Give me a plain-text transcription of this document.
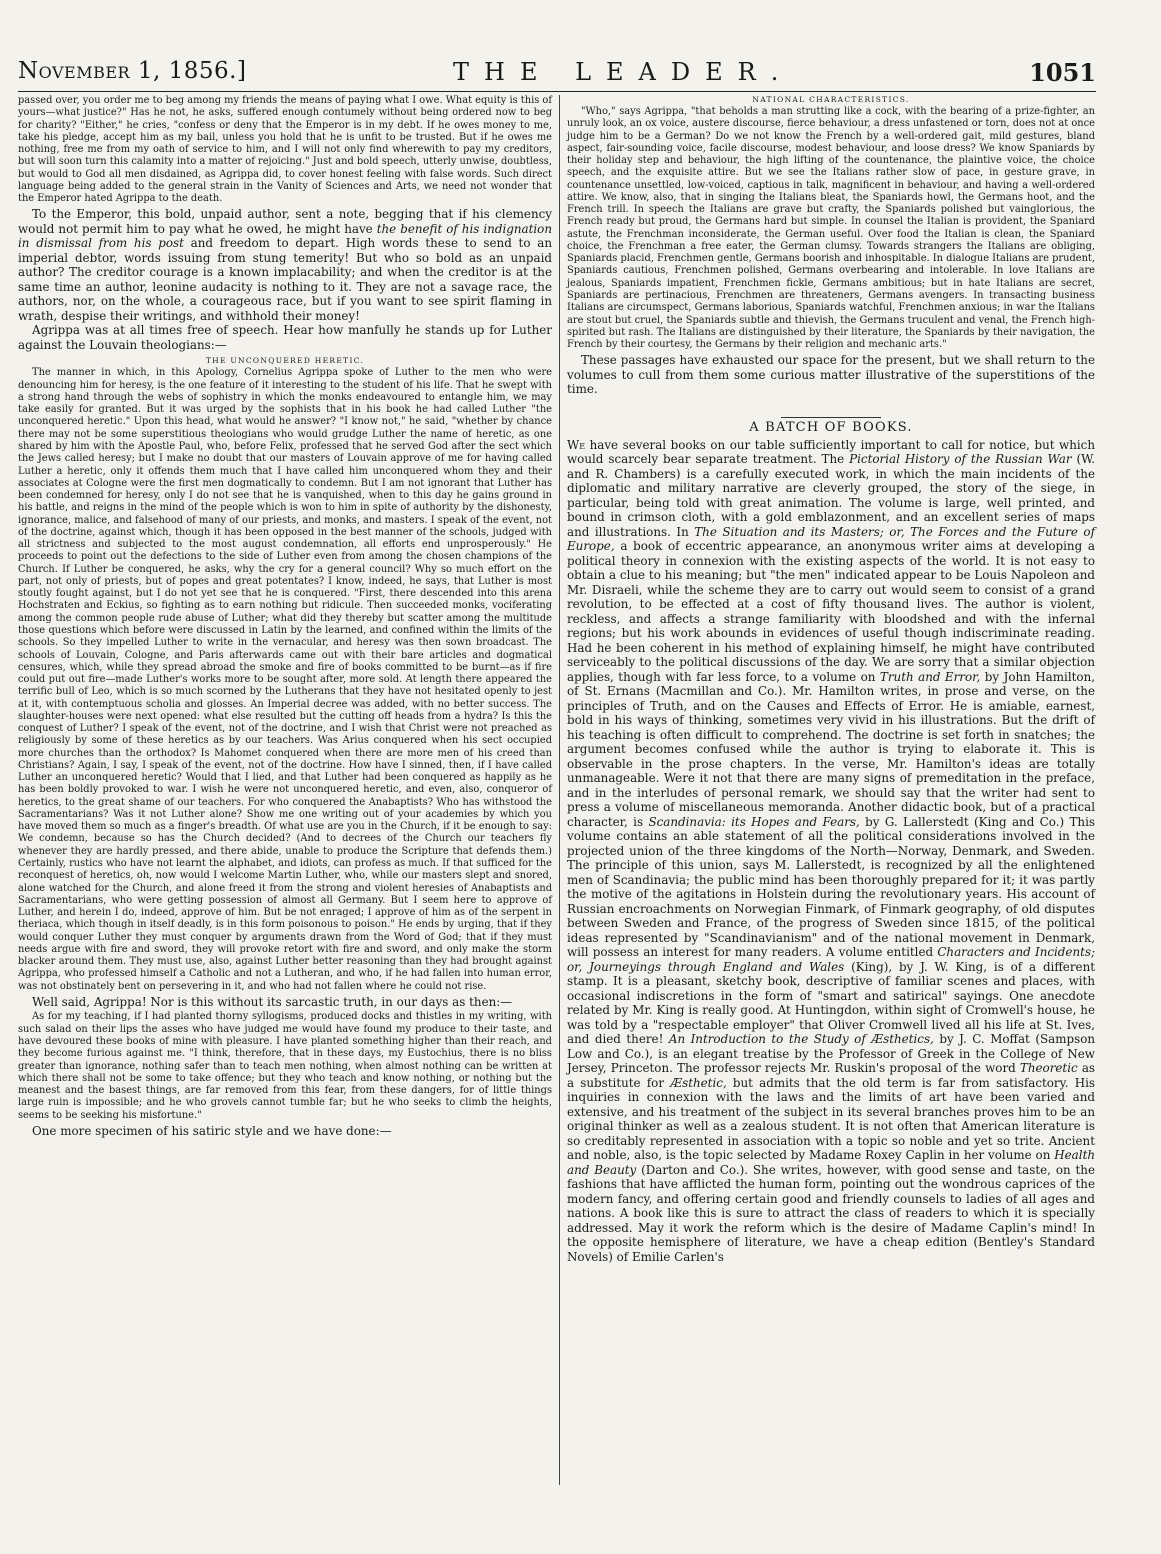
November 1, 1856.]	THE LEADER.	1051

passed over, you order me to beg among my friends the means of paying what I owe. What equity is this of yours—what justice?" Has he not, he asks, suffered enough contumely without being ordered now to beg for charity? "Either," he cries, "confess or deny that the Emperor is in my debt. If he owes money to me, take his pledge, accept him as my bail, unless you hold that he is unfit to be trusted. But if he owes me nothing, free me from my oath of service to him, and I will not only find wherewith to pay my creditors, but will soon turn this calamity into a matter of rejoicing." Just and bold speech, utterly unwise, doubtless, but would to God all men disdained, as Agrippa did, to cover honest feeling with false words. Such direct language being added to the general strain in the Vanity of Sciences and Arts, we need not wonder that the Emperor hated Agrippa to the death.

To the Emperor, this bold, unpaid author, sent a note, begging that if his clemency would not permit him to pay what he owed, he might have the benefit of his indignation in dismissal from his post and freedom to depart. High words these to send to an imperial debtor, words issuing from stung temerity! But who so bold as an unpaid author? The creditor courage is a known implacability; and when the creditor is at the same time an author, leonine audacity is nothing to it. They are not a savage race, the authors, nor, on the whole, a courageous race, but if you want to see spirit flaming in wrath, despise their writings, and withhold their money!

Agrippa was at all times free of speech. Hear how manfully he stands up for Luther against the Louvain theologians:—

THE UNCONQUERED HERETIC.

The manner in which, in this Apology, Cornelius Agrippa spoke of Luther to the men who were denouncing him for heresy, is the one feature of it interesting to the student of his life. That he swept with a strong hand through the webs of sophistry in which the monks endeavoured to entangle him, we may take easily for granted. But it was urged by the sophists that in his book he had called Luther "the unconquered heretic." Upon this head, what would he answer? "I know not," he said, "whether by chance there may not be some superstitious theologians who would grudge Luther the name of heretic, as one shared by him with the Apostle Paul, who, before Felix, professed that he served God after the sect which the Jews called heresy; but I make no doubt that our masters of Louvain approve of me for having called Luther a heretic, only it offends them much that I have called him unconquered whom they and their associates at Cologne were the first men dogmatically to condemn. But I am not ignorant that Luther has been condemned for heresy, only I do not see that he is vanquished, when to this day he gains ground in his battle, and reigns in the mind of the people which is won to him in spite of authority by the dishonesty, ignorance, malice, and falsehood of many of our priests, and monks, and masters. I speak of the event, not of the doctrine, against which, though it has been opposed in the best manner of the schools, judged with all strictness and subjected to the most august condemnation, all efforts end unprosperously." He proceeds to point out the defections to the side of Luther even from among the chosen champions of the Church. If Luther be conquered, he asks, why the cry for a general council? Why so much effort on the part, not only of priests, but of popes and great potentates? I know, indeed, he says, that Luther is most stoutly fought against, but I do not yet see that he is conquered. "First, there descended into this arena Hochstraten and Eckius, so fighting as to earn nothing but ridicule. Then succeeded monks, vociferating among the common people rude abuse of Luther; what did they thereby but scatter among the multitude those questions which before were discussed in Latin by the learned, and confined within the limits of the schools. So they impelled Luther to write in the vernacular, and heresy was then sown broadcast. The schools of Louvain, Cologne, and Paris afterwards came out with their bare articles and dogmatical censures, which, while they spread abroad the smoke and fire of books committed to be burnt—as if fire could put out fire—made Luther's works more to be sought after, more sold. At length there appeared the terrific bull of Leo, which is so much scorned by the Lutherans that they have not hesitated openly to jest at it, with contemptuous scholia and glosses. An Imperial decree was added, with no better success. The slaughter-houses were next opened: what else resulted but the cutting off heads from a hydra? Is this the conquest of Luther? I speak of the event, not of the doctrine, and I wish that Christ were not preached as religiously by some of these heretics as by our teachers. Was Arius conquered when his sect occupied more churches than the orthodox? Is Mahomet conquered when there are more men of his creed than Christians? Again, I say, I speak of the event, not of the doctrine. How have I sinned, then, if I have called Luther an unconquered heretic? Would that I lied, and that Luther had been conquered as happily as he has been boldly provoked to war. I wish he were not unconquered heretic, and even, also, conqueror of heretics, to the great shame of our teachers. For who conquered the Anabaptists? Who has withstood the Sacramentarians? Was it not Luther alone? Show me one writing out of your academies by which you have moved them so much as a finger's breadth. Of what use are you in the Church, if it be enough to say: We condemn, because so has the Church decided? (And to decrees of the Church our teachers fly whenever they are hardly pressed, and there abide, unable to produce the Scripture that defends them.) Certainly, rustics who have not learnt the alphabet, and idiots, can profess as much. If that sufficed for the reconquest of heretics, oh, now would I welcome Martin Luther, who, while our masters slept and snored, alone watched for the Church, and alone freed it from the strong and violent heresies of Anabaptists and Sacramentarians, who were getting possession of almost all Germany. But I seem here to approve of Luther, and herein I do, indeed, approve of him. But be not enraged; I approve of him as of the serpent in theriaca, which though in itself deadly, is in this form poisonous to poison." He ends by urging, that if they would conquer Luther they must conquer by arguments drawn from the Word of God; that if they must needs argue with fire and sword, they will provoke retort with fire and sword, and only make the storm blacker around them. They must use, also, against Luther better reasoning than they had brought against Agrippa, who professed himself a Catholic and not a Lutheran, and who, if he had fallen into human error, was not obstinately bent on persevering in it, and who had not fallen where he could not rise.

Well said, Agrippa! Nor is this without its sarcastic truth, in our days as then:—

As for my teaching, if I had planted thorny syllogisms, produced docks and thistles in my writing, with such salad on their lips the asses who have judged me would have found my produce to their taste, and have devoured these books of mine with pleasure. I have planted something higher than their reach, and they become furious against me. "I think, therefore, that in these days, my Eustochius, there is no bliss greater than ignorance, nothing safer than to teach men nothing, when almost nothing can be written at which there shall not be some to take offence; but they who teach and know nothing, or nothing but the meanest and the basest things, are far removed from this fear, from these dangers, for of little things large ruin is impossible; and he who grovels cannot tumble far; but he who seeks to climb the heights, seems to be seeking his misfortune."

One more specimen of his satiric style and we have done:—

NATIONAL CHARACTERISTICS.

"Who," says Agrippa, "that beholds a man strutting like a cock, with the bearing of a prize-fighter, an unruly look, an ox voice, austere discourse, fierce behaviour, a dress unfastened or torn, does not at once judge him to be a German? Do we not know the French by a well-ordered gait, mild gestures, bland aspect, fair-sounding voice, facile discourse, modest behaviour, and loose dress? We know Spaniards by their holiday step and behaviour, the high lifting of the countenance, the plaintive voice, the choice speech, and the exquisite attire. But we see the Italians rather slow of pace, in gesture grave, in countenance unsettled, low-voiced, captious in talk, magnificent in behaviour, and having a well-ordered attire. We know, also, that in singing the Italians bleat, the Spaniards howl, the Germans hoot, and the French trill. In speech the Italians are grave but crafty, the Spaniards polished but vainglorious, the French ready but proud, the Germans hard but simple. In counsel the Italian is provident, the Spaniard astute, the Frenchman inconsiderate, the German useful. Over food the Italian is clean, the Spaniard choice, the Frenchman a free eater, the German clumsy. Towards strangers the Italians are obliging, Spaniards placid, Frenchmen gentle, Germans boorish and inhospitable. In dialogue Italians are prudent, Spaniards cautious, Frenchmen polished, Germans overbearing and intolerable. In love Italians are jealous, Spaniards impatient, Frenchmen fickle, Germans ambitious; but in hate Italians are secret, Spaniards are pertinacious, Frenchmen are threateners, Germans avengers. In transacting business Italians are circumspect, Germans laborious, Spaniards watchful, Frenchmen anxious; in war the Italians are stout but cruel, the Spaniards subtle and thievish, the Germans truculent and venal, the French high-spirited but rash. The Italians are distinguished by their literature, the Spaniards by their navigation, the French by their courtesy, the Germans by their religion and mechanic arts."

These passages have exhausted our space for the present, but we shall return to the volumes to cull from them some curious matter illustrative of the superstitions of the time.

A BATCH OF BOOKS.

We have several books on our table sufficiently important to call for notice, but which would scarcely bear separate treatment. The Pictorial History of the Russian War (W. and R. Chambers) is a carefully executed work, in which the main incidents of the diplomatic and military narrative are cleverly grouped, the story of the siege, in particular, being told with great animation. The volume is large, well printed, and bound in crimson cloth, with a gold emblazonment, and an excellent series of maps and illustrations. In The Situation and its Masters; or, The Forces and the Future of Europe, a book of eccentric appearance, an anonymous writer aims at developing a political theory in connexion with the existing aspects of the world. It is not easy to obtain a clue to his meaning; but "the men" indicated appear to be Louis Napoleon and Mr. Disraeli, while the scheme they are to carry out would seem to consist of a grand revolution, to be effected at a cost of fifty thousand lives. The author is violent, reckless, and affects a strange familiarity with bloodshed and with the infernal regions; but his work abounds in evidences of useful though indiscriminate reading. Had he been coherent in his method of explaining himself, he might have contributed serviceably to the political discussions of the day. We are sorry that a similar objection applies, though with far less force, to a volume on Truth and Error, by John Hamilton, of St. Ernans (Macmillan and Co.). Mr. Hamilton writes, in prose and verse, on the principles of Truth, and on the Causes and Effects of Error. He is amiable, earnest, bold in his ways of thinking, sometimes very vivid in his illustrations. But the drift of his teaching is often difficult to comprehend. The doctrine is set forth in snatches; the argument becomes confused while the author is trying to elaborate it. This is observable in the prose chapters. In the verse, Mr. Hamilton's ideas are totally unmanageable. Were it not that there are many signs of premeditation in the preface, and in the interludes of personal remark, we should say that the writer had sent to press a volume of miscellaneous memoranda. Another didactic book, but of a practical character, is Scandinavia: its Hopes and Fears, by G. Lallerstedt (King and Co.) This volume contains an able statement of all the political considerations involved in the projected union of the three kingdoms of the North—Norway, Denmark, and Sweden. The principle of this union, says M. Lallerstedt, is recognized by all the enlightened men of Scandinavia; the public mind has been thoroughly prepared for it; it was partly the motive of the agitations in Holstein during the revolutionary years. His account of Russian encroachments on Norwegian Finmark, of Finmark geography, of old disputes between Sweden and France, of the progress of Sweden since 1815, of the political ideas represented by "Scandinavianism" and of the national movement in Denmark, will possess an interest for many readers. A volume entitled Characters and Incidents; or, Journeyings through England and Wales (King), by J. W. King, is of a different stamp. It is a pleasant, sketchy book, descriptive of familiar scenes and places, with occasional indiscretions in the form of "smart and satirical" sayings. One anecdote related by Mr. King is really good. At Huntingdon, within sight of Cromwell's house, he was told by a "respectable employer" that Oliver Cromwell lived all his life at St. Ives, and died there! An Introduction to the Study of Æsthetics, by J. C. Moffat (Sampson Low and Co.), is an elegant treatise by the Professor of Greek in the College of New Jersey, Princeton. The professor rejects Mr. Ruskin's proposal of the word Theoretic as a substitute for Æsthetic, but admits that the old term is far from satisfactory. His inquiries in connexion with the laws and the limits of art have been varied and extensive, and his treatment of the subject in its several branches proves him to be an original thinker as well as a zealous student. It is not often that American literature is so creditably represented in association with a topic so noble and yet so trite. Ancient and noble, also, is the topic selected by Madame Roxey Caplin in her volume on Health and Beauty (Darton and Co.). She writes, however, with good sense and taste, on the fashions that have afflicted the human form, pointing out the wondrous caprices of the modern fancy, and offering certain good and friendly counsels to ladies of all ages and nations. A book like this is sure to attract the class of readers to which it is specially addressed. May it work the reform which is the desire of Madame Caplin's mind! In the opposite hemisphere of literature, we have a cheap edition (Bentley's Standard Novels) of Emilie Carlen's
